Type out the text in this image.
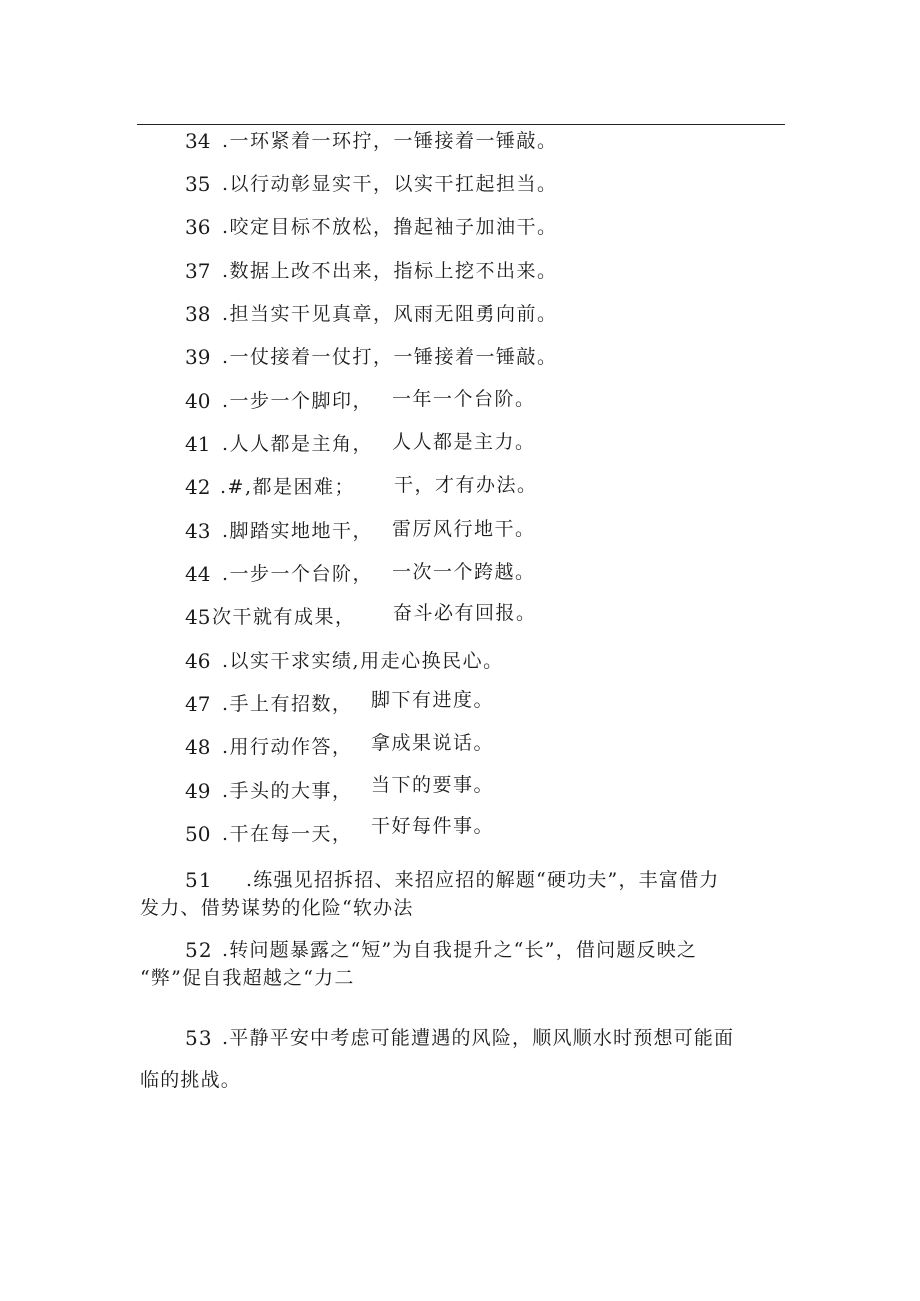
34 .一环紧着一环拧，一锤接着一锤敲。
35 .以行动彰显实干，以实干扛起担当。
36 .咬定目标不放松，撸起袖子加油干。
37 .数据上改不出来，指标上挖不出来。
38 .担当实干见真章，风雨无阻勇向前。
39 .一仗接着一仗打，一锤接着一锤敲。
40 .一步一个脚印， 一年一个台阶。
41 .人人都是主角， 人人都是主力。
42 .#,都是困难； 干，才有办法。
43 .脚踏实地地干， 雷厉风行地干。
44 .一步一个台阶， 一次一个跨越。
45 次干就有成果， 奋斗必有回报。
46 .以实干求实绩,用走心换民心。
47 .手上有招数， 脚下有进度。
48 .用行动作答， 拿成果说话。
49 .手头的大事， 当下的要事。
50 .干在每一天， 干好每件事。
51 .练强见招拆招、来招应招的解题“硬功夫”，丰富借力
发力、借势谋势的化险“软办法
52 .转问题暴露之“短”为自我提升之“长”，借问题反映之
“弊”促自我超越之“力二
53 .平静平安中考虑可能遭遇的风险，顺风顺水时预想可能面
临的挑战。
